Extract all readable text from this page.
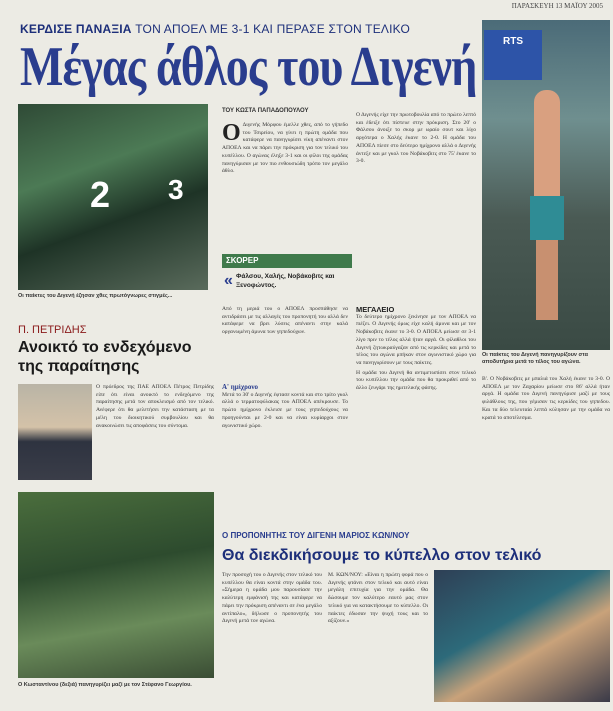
ΠΑΡΑΣΚΕΥΗ 13 ΜΑΪΟΥ 2005
ΚΕΡΔΙΣΕ ΠΑΝΑΞΙΑ ΤΟΝ ΑΠΟΕΛ ΜΕ 3-1 ΚΑΙ ΠΕΡΑΣΕ ΣΤΟΝ ΤΕΛΙΚΟ
Μέγας άθλος του Διγενή
2 3
Οι παίκτες του Διγενή έζησαν χθες πρωτόγνωρες στιγμές...
ΤΟΥ ΚΩΣΤΑ ΠΑΠΑΔΟΠΟΥΛΟΥ
Ο Διγενής Μόρφου έμελλε χθες, από το γήπεδο του Τσιρείου, να γίνει η πρώτη ομάδα που κατάφερε να πανηγυρίσει νίκη απέναντι στον ΑΠΟΕΛ και να πάρει την πρόκριση για τον τελικό του κυπέλλου. Ο αγώνας έληξε 3-1 και οι φίλοι της ομάδας πανηγύρισαν με τον πιο ενθουσιώδη τρόπο τον μεγάλο άθλο.
ΣΚΟΡΕΡ
« Φάλσου, Χαλής, Νοβάκοβιτς και Ξενοφώντος.
Ο Διγενής είχε την πρωτοβουλία από το πρώτο λεπτό και έδειξε ότι πίστευε στην πρόκριση. Στο 20' ο Φάλσου άνοιξε το σκορ με ωραίο σουτ και λίγο αργότερα ο Χαλής έκανε το 2-0. Η ομάδα του ΑΠΟΕΛ πίεσε στο δεύτερο ημίχρονο αλλά ο Διγενής άντεξε και με γκολ του Νοβάκοβιτς στο 75' έκανε το 3-0.
Από τη μεριά του ο ΑΠΟΕΛ προσπάθησε να αντιδράσει με τις αλλαγές του προπονητή του αλλά δεν κατάφερε να βρει λύσεις απέναντι στην καλά οργανωμένη άμυνα των γηπεδούχων.
Α' ημίχρονο
Μετά το 30' ο Διγενής έφτασε κοντά και στο τρίτο γκολ αλλά ο τερματοφύλακας του ΑΠΟΕΛ απέκρουσε. Το πρώτο ημίχρονο έκλεισε με τους γηπεδούχους να προηγούνται με 2-0 και να είναι κυρίαρχοι στον αγωνιστικό χώρο.
ΜΕΓΑΛΕΙΟ
Το δεύτερο ημίχρονο ξεκίνησε με τον ΑΠΟΕΛ να πιέζει. Ο Διγενής όμως είχε καλή άμυνα και με τον Νοβάκοβιτς έκανε το 3-0. Ο ΑΠΟΕΛ μείωσε σε 3-1 λίγο πριν το τέλος αλλά ήταν αργά. Οι φίλαθλοι του Διγενή ζητωκραύγαζαν από τις κερκίδες και μετά το τέλος του αγώνα μπήκαν στον αγωνιστικό χώρο για να πανηγυρίσουν με τους παίκτες.
Η ομάδα του Διγενή θα αντιμετωπίσει στον τελικό του κυπέλλου την ομάδα που θα προκριθεί από το άλλο ζευγάρι της ημιτελικής φάσης.
RTS
Οι παίκτες του Διγενή πανηγυρίζουν στα αποδυτήρια μετά το τέλος του αγώνα.
Β'. Ο Νοβάκοβιτς με μπαλιά του Χαλή έκανε το 3-0. Ο ΑΠΟΕΛ με τον Ζαχαρίου μείωσε στο 86' αλλά ήταν αργά. Η ομάδα του Διγενή πανηγύρισε μαζί με τους φιλάθλους της, που γέμισαν τις κερκίδες του γηπεδου. Και τα δύο τελευταία λεπτά κύλησαν με την ομάδα να κρατά το αποτέλεσμα.
Π. ΠΕΤΡΙΔΗΣ
Ανοικτό το ενδεχόμενο της παραίτησης
Ο πρόεδρος της ΠΑΕ ΑΠΟΕΛ Πέτρος Πετρίδης είπε ότι είναι ανοικτό το ενδεχόμενο της παραίτησης μετά τον αποκλεισμό από τον τελικό. Ανέφερε ότι θα μελετήσει την κατάσταση με τα μέλη του διοικητικού συμβουλίου και θα ανακοινώσει τις αποφάσεις του σύντομα.
Ο Κωσταντίνου (δεξιά) πανηγυρίζει μαζί με τον Στέφανο Γεωργίου.
Ο ΠΡΟΠΟΝΗΤΗΣ ΤΟΥ ΔΙΓΕΝΗ ΜΑΡΙΟΣ ΚΩΝ/ΝΟΥ
Θα διεκδικήσουμε το κύπελλο στον τελικό
Την προσοχή του ο Διγενής στον τελικό του κυπέλλου θα είναι κοντά στην ομάδα του. «Σήμερα η ομάδα μου παρουσίασε την καλύτερη εμφάνισή της και κατάφερε να πάρει την πρόκριση απέναντι σε ένα μεγάλο αντίπαλο», δήλωσε ο προπονητής του Διγενή μετά τον αγώνα.
Μ. ΚΩΝ/ΝΟΥ: «Είναι η πρώτη φορά που ο Διγενής φτάνει στον τελικό και αυτό είναι μεγάλη επιτυχία για την ομάδα. Θα δώσουμε τον καλύτερο εαυτό μας στον τελικό για να κατακτήσουμε το κύπελλο. Οι παίκτες έδωσαν την ψυχή τους και το αξίζουν.»
